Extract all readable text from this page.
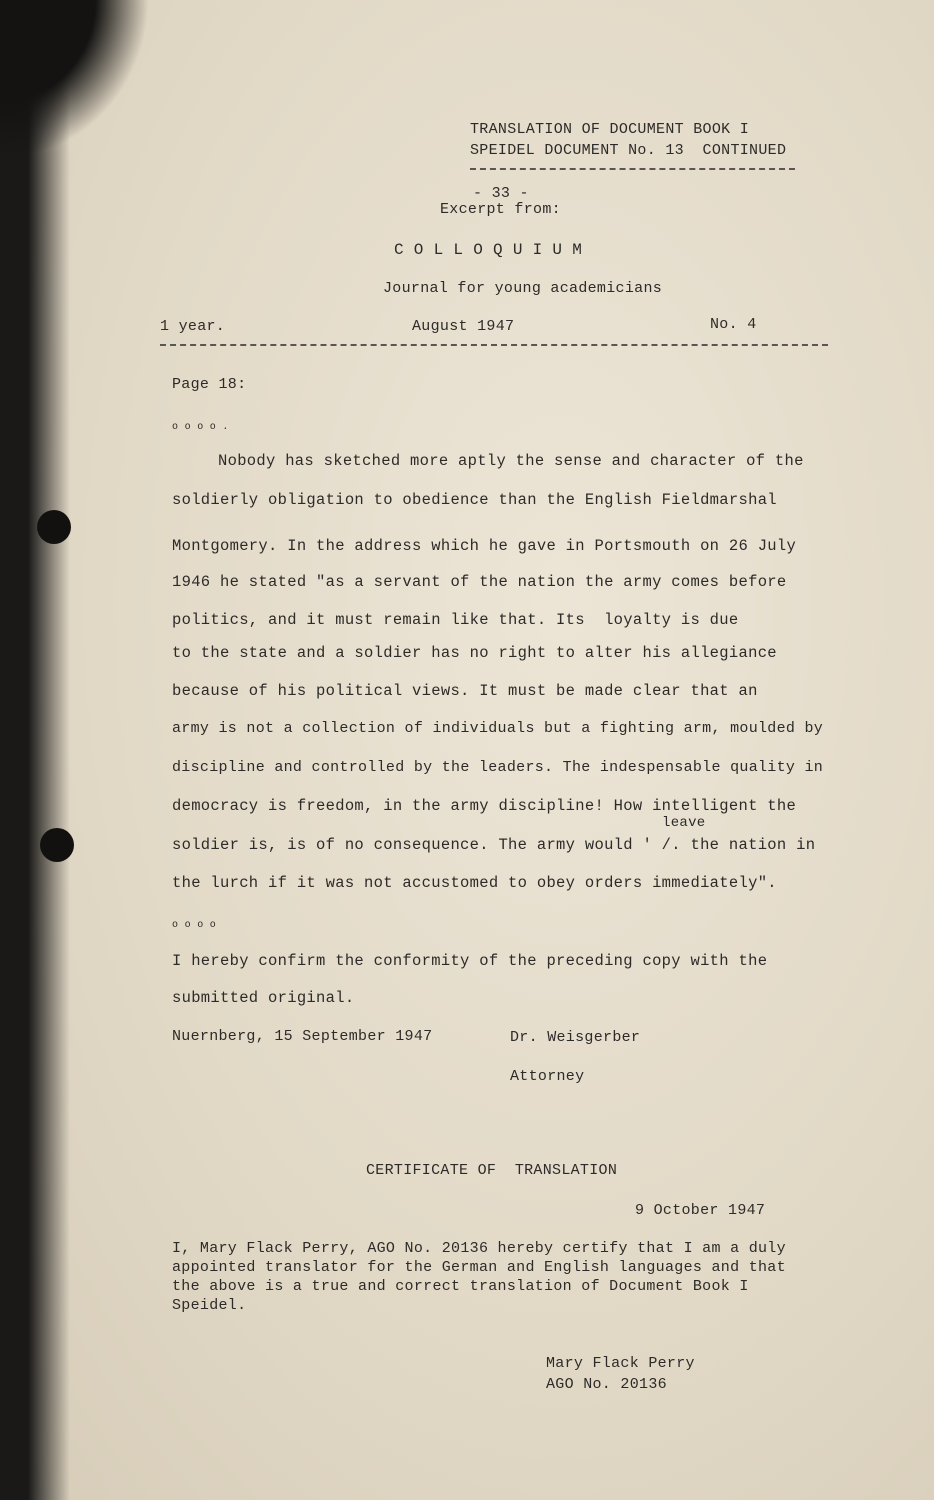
TRANSLATION OF DOCUMENT BOOK I
SPEIDEL DOCUMENT No. 13  CONTINUED
- 33 -
Excerpt from:
C O L L O Q U I U M
Journal for young academicians
1 year.	August 1947	No. 4
Page 18:
o o o o .
Nobody has sketched more aptly the sense and character of the
soldierly obligation to obedience than the English Fieldmarshal
Montgomery. In the address which he gave in Portsmouth on 26 July
1946 he stated "as a servant of the nation the army comes before
politics, and it must remain like that. Its  loyalty is due
to the state and a soldier has no right to alter his allegiance
because of his political views. It must be made clear that an
army is not a collection of individuals but a fighting arm, moulded by
discipline and controlled by the leaders. The indespensable quality in
democracy is freedom, in the army discipline! How intelligent the
leave
soldier is, is of no consequence. The army would ' /. the nation in
the lurch if it was not accustomed to obey orders immediately".
o o o o
I hereby confirm the conformity of the preceding copy with the
submitted original.
Nuernberg, 15 September 1947	Dr. Weisgerber
Attorney
CERTIFICATE OF  TRANSLATION
9 October 1947
I, Mary Flack Perry, AGO No. 20136 hereby certify that I am a duly
appointed translator for the German and English languages and that
the above is a true and correct translation of Document Book I
Speidel.
Mary Flack Perry
AGO No. 20136
